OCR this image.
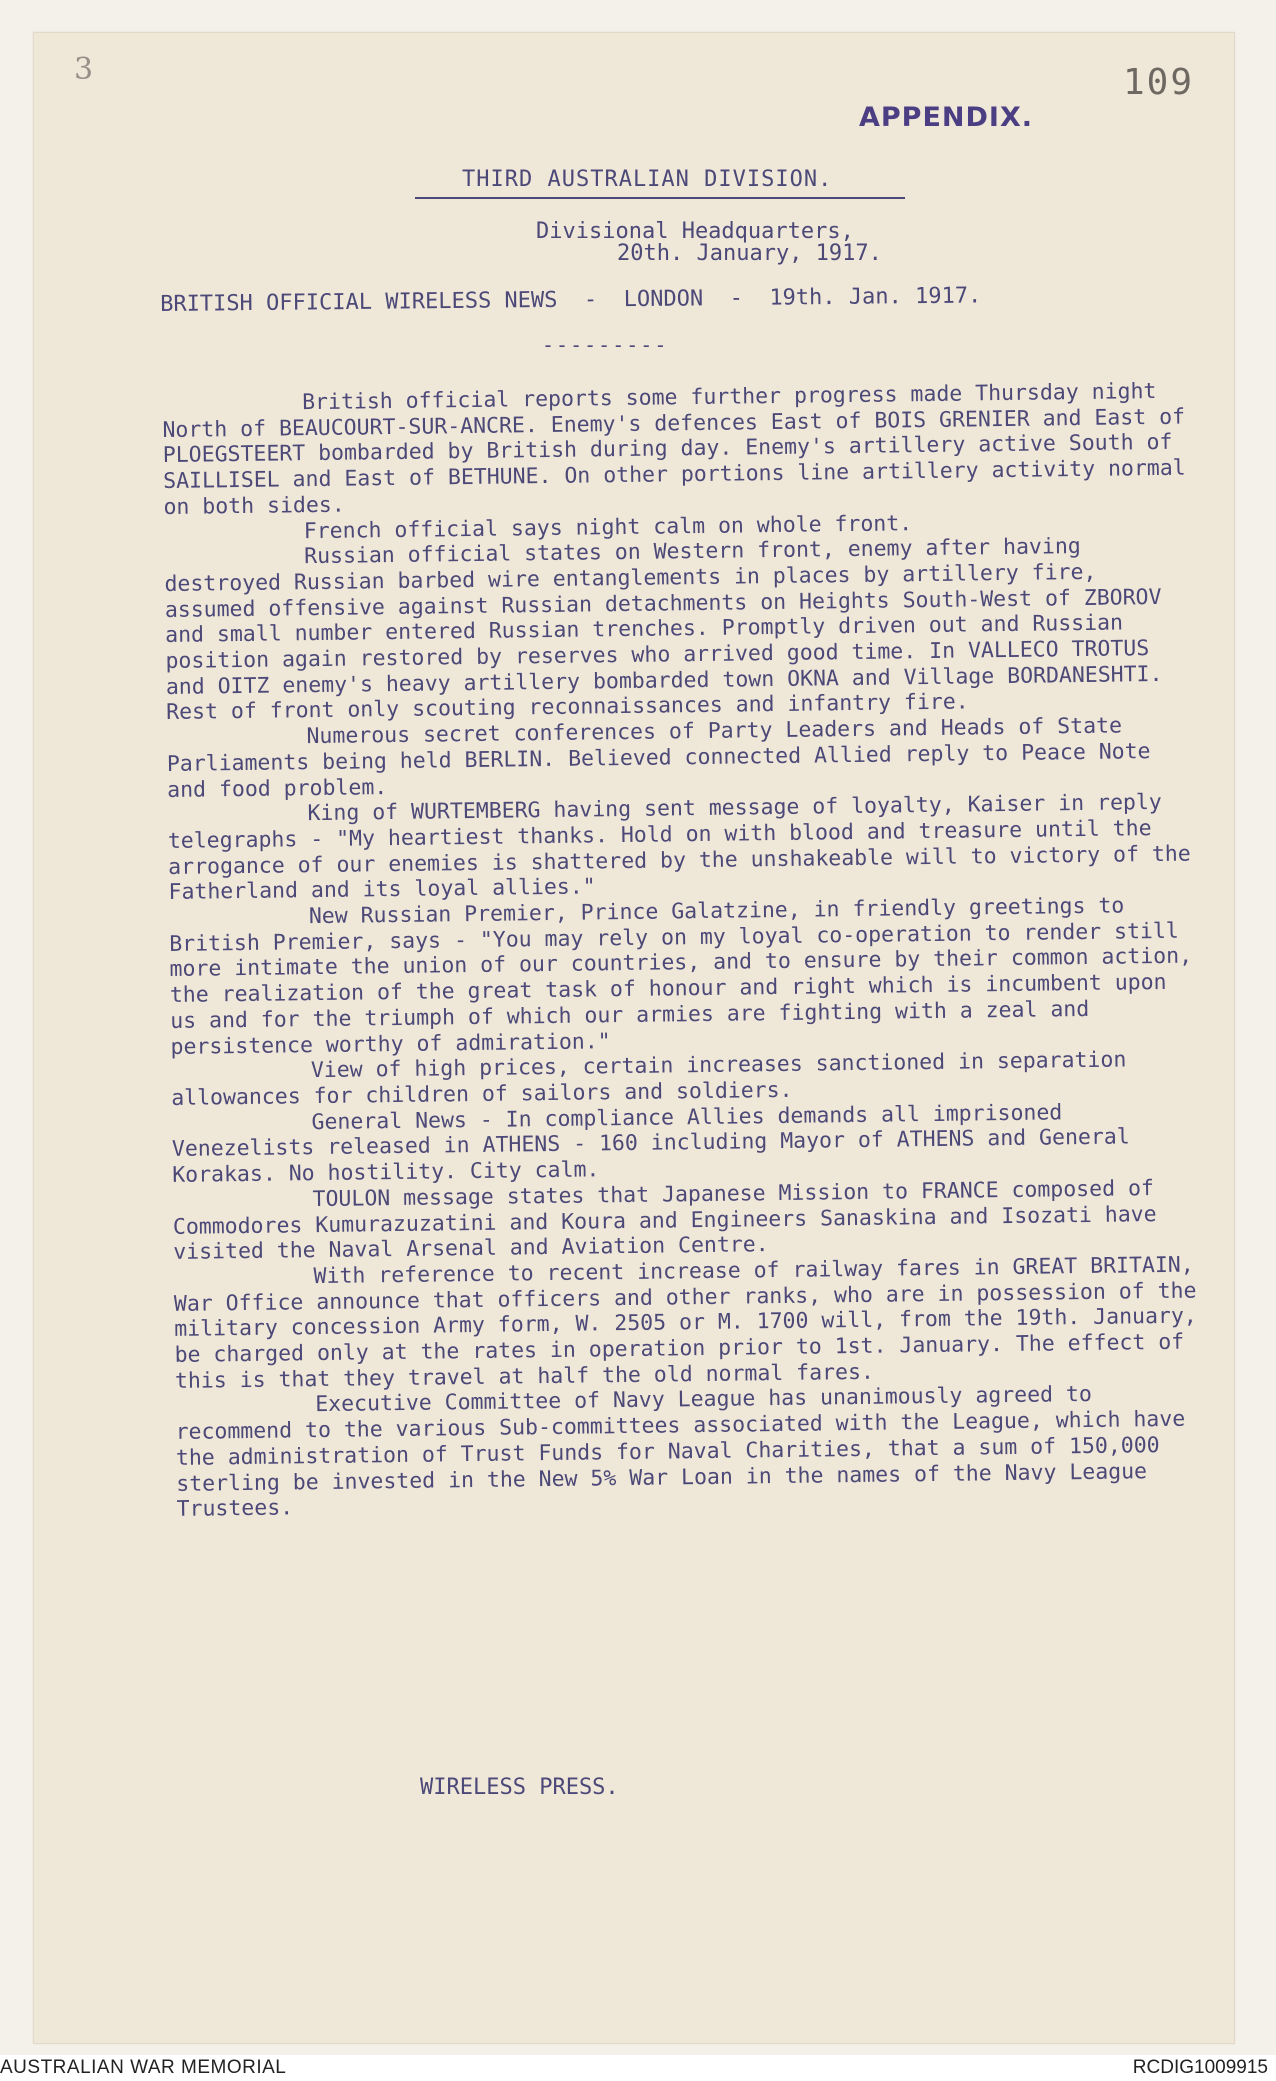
3	109
APPENDIX.
THIRD AUSTRALIAN DIVISION.
Divisional Headquarters,
20th. January, 1917.
BRITISH OFFICIAL WIRELESS NEWS  -  LONDON  -  19th. Jan. 1917.
---------

British official reports some further progress made Thursday night North of BEAUCOURT-SUR-ANCRE. Enemy's defences East of BOIS GRENIER and East of PLOEGSTEERT bombarded by British during day. Enemy's artillery active South of SAILLISEL and East of BETHUNE. On other portions line artillery activity normal on both sides.

French official says night calm on whole front.

Russian official states on Western front, enemy after having destroyed Russian barbed wire entanglements in places by artillery fire, assumed offensive against Russian detachments on Heights South-West of ZBOROV and small number entered Russian trenches. Promptly driven out and Russian position again restored by reserves who arrived good time. In VALLECO TROTUS and OITZ enemy's heavy artillery bombarded town OKNA and Village BORDANESHTI. Rest of front only scouting reconnaissances and infantry fire.

Numerous secret conferences of Party Leaders and Heads of State Parliaments being held BERLIN. Believed connected Allied reply to Peace Note and food problem.

King of WURTEMBERG having sent message of loyalty, Kaiser in reply telegraphs - "My heartiest thanks. Hold on with blood and treasure until the arrogance of our enemies is shattered by the unshakeable will to victory of the Fatherland and its loyal allies."

New Russian Premier, Prince Galatzine, in friendly greetings to British Premier, says - "You may rely on my loyal co-operation to render still more intimate the union of our countries, and to ensure by their common action, the realization of the great task of honour and right which is incumbent upon us and for the triumph of which our armies are fighting with a zeal and persistence worthy of admiration."

View of high prices, certain increases sanctioned in separation allowances for children of sailors and soldiers.

General News - In compliance Allies demands all imprisoned Venezelists released in ATHENS - 160 including Mayor of ATHENS and General Korakas. No hostility. City calm.

TOULON message states that Japanese Mission to FRANCE composed of Commodores Kumurazuzatini and Koura and Engineers Sanaskina and Isozati have visited the Naval Arsenal and Aviation Centre.

With reference to recent increase of railway fares in GREAT BRITAIN, War Office announce that officers and other ranks, who are in possession of the military concession Army form, W. 2505 or M. 1700 will, from the 19th. January, be charged only at the rates in operation prior to 1st. January. The effect of this is that they travel at half the old normal fares.

Executive Committee of Navy League has unanimously agreed to recommend to the various Sub-committees associated with the League, which have the administration of Trust Funds for Naval Charities, that a sum of 150,000 sterling be invested in the New 5% War Loan in the names of the Navy League Trustees.

WIRELESS PRESS.
AUSTRALIAN WAR MEMORIAL	RCDIG1009915
